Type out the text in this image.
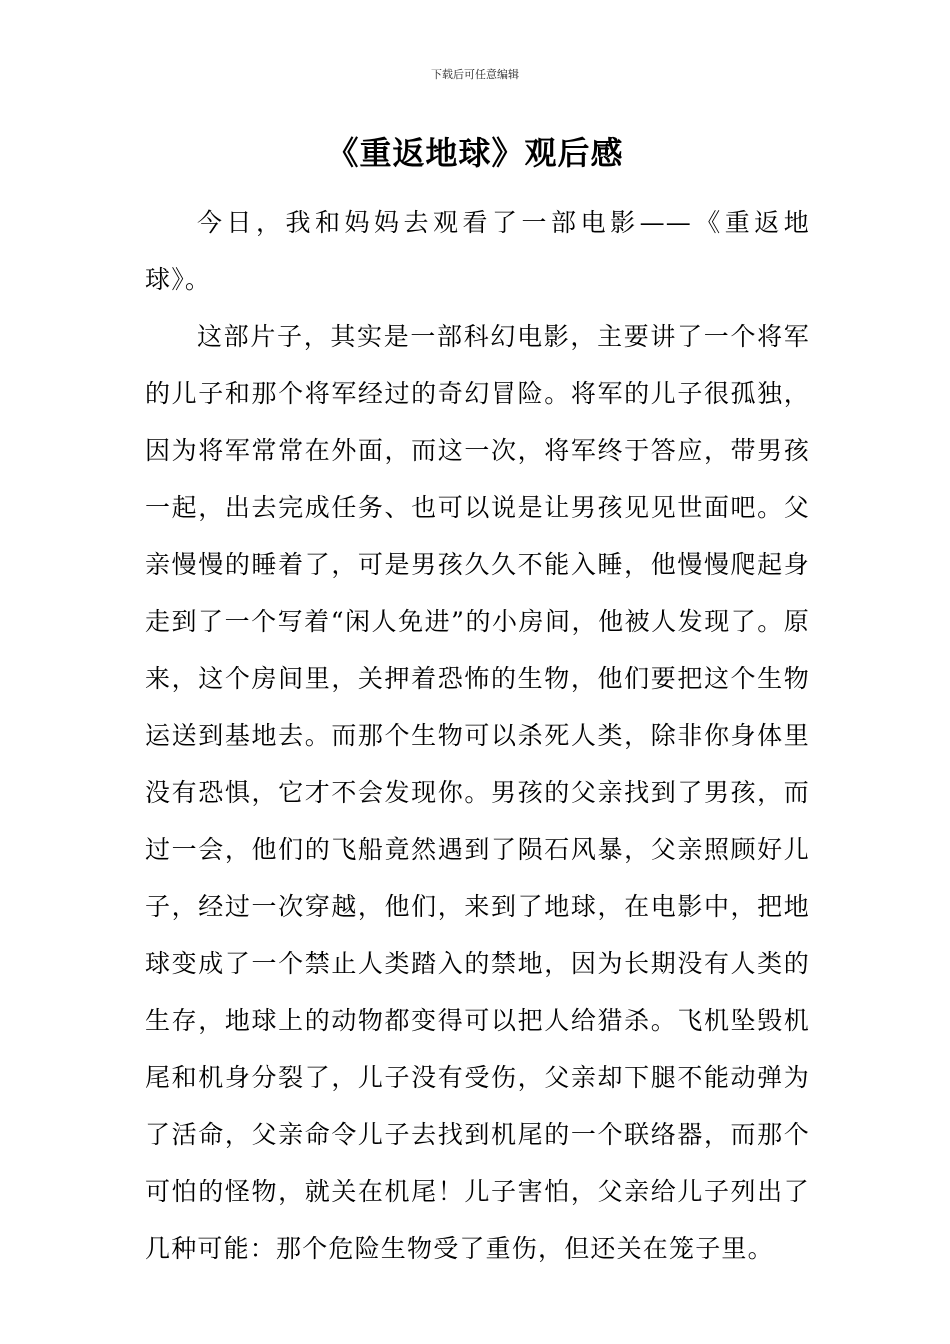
下载后可任意编辑
《重返地球》观后感

今日，我和妈妈去观看了一部电影——《重返地球》。

这部片子，其实是一部科幻电影，主要讲了一个将军的儿子和那个将军经过的奇幻冒险。将军的儿子很孤独，因为将军常常在外面，而这一次，将军终于答应，带男孩一起，出去完成任务、也可以说是让男孩见见世面吧。父亲慢慢的睡着了，可是男孩久久不能入睡，他慢慢爬起身走到了一个写着“闲人免进”的小房间，他被人发现了。原来，这个房间里，关押着恐怖的生物，他们要把这个生物运送到基地去。而那个生物可以杀死人类，除非你身体里没有恐惧，它才不会发现你。男孩的父亲找到了男孩，而过一会，他们的飞船竟然遇到了陨石风暴，父亲照顾好儿子，经过一次穿越，他们，来到了地球，在电影中，把地球变成了一个禁止人类踏入的禁地，因为长期没有人类的生存，地球上的动物都变得可以把人给猎杀。飞机坠毁机尾和机身分裂了，儿子没有受伤，父亲却下腿不能动弹为了活命，父亲命令儿子去找到机尾的一个联络器，而那个可怕的怪物，就关在机尾！儿子害怕，父亲给儿子列出了几种可能：那个危险生物受了重伤，但还关在笼子里。
